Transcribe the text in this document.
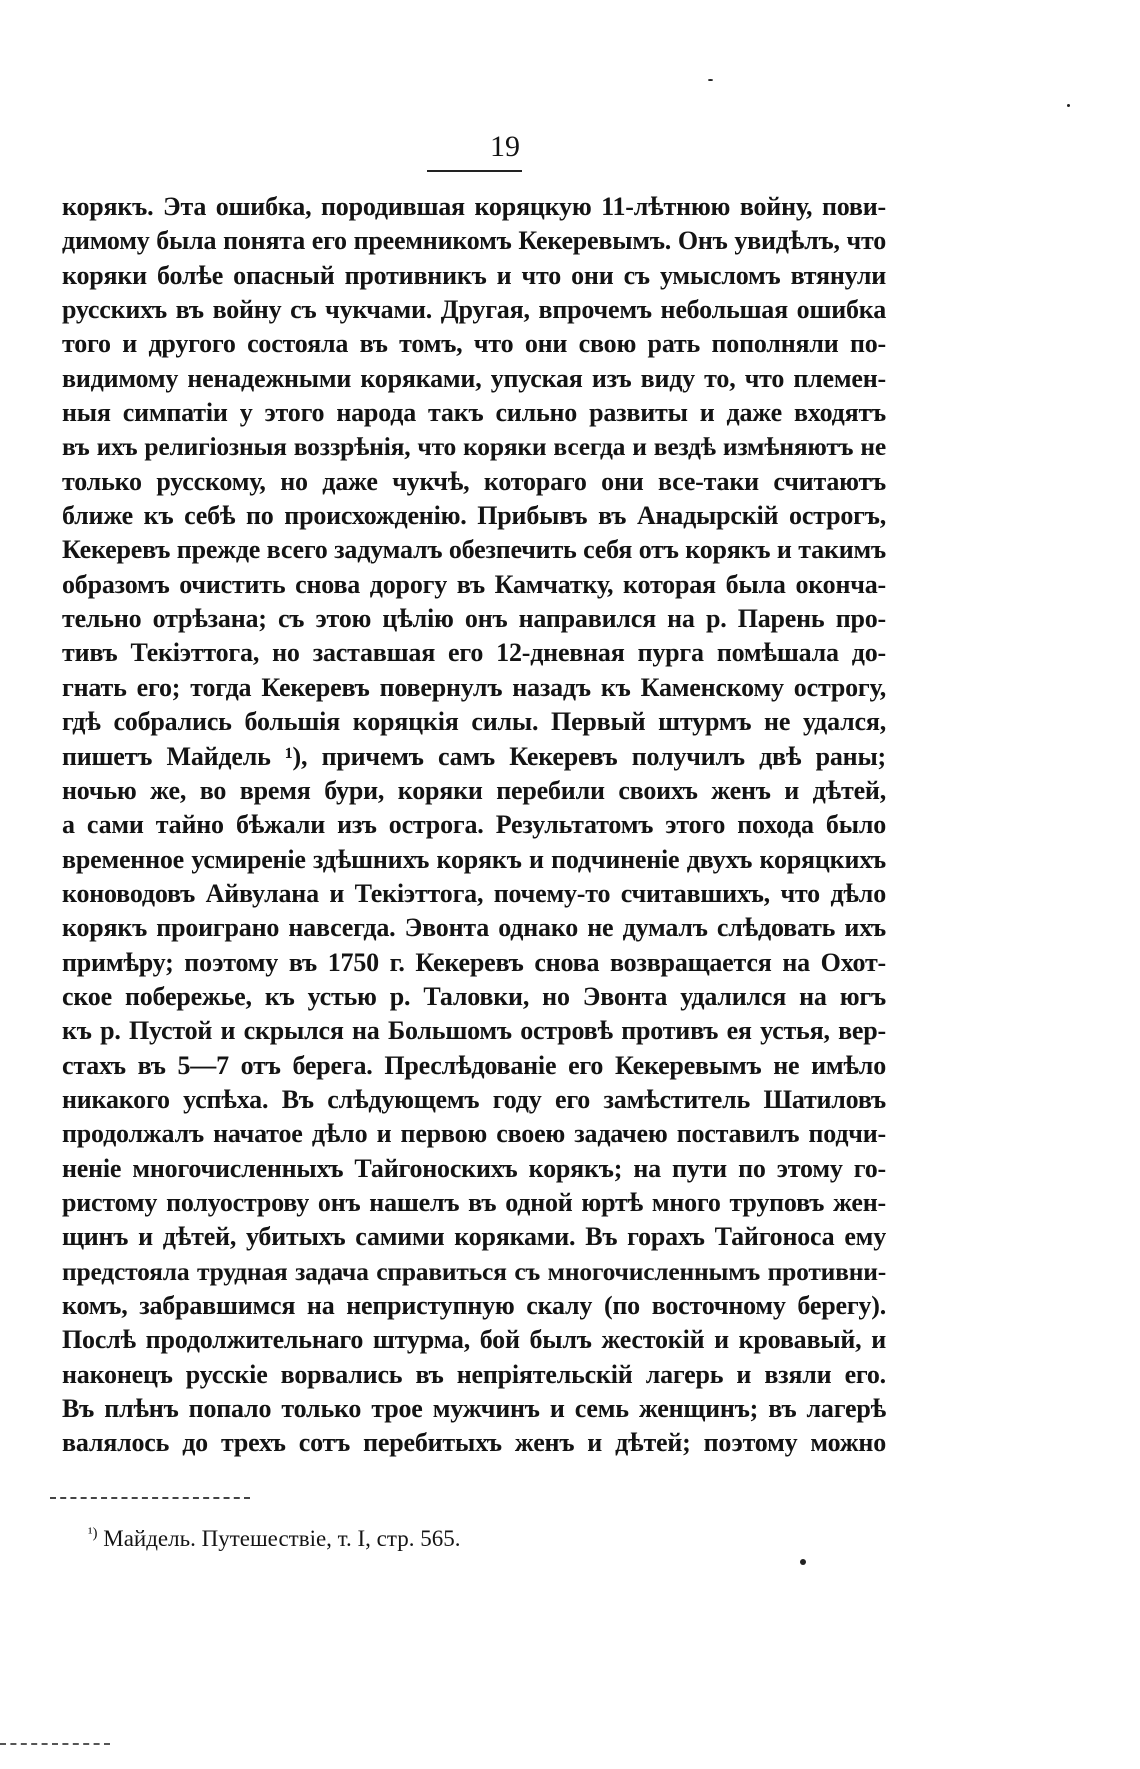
19
корякъ. Эта ошибка, породившая коряцкую 11-лѣтнюю войну, пови-
димому была понята его преемникомъ Кекеревымъ. Онъ увидѣлъ, что
коряки болѣе опасный противникъ и что они съ умысломъ втянули
русскихъ въ войну съ чукчами. Другая, впрочемъ небольшая ошибка
того и другого состояла въ томъ, что они свою рать пополняли по-
видимому ненадежными коряками, упуская изъ виду то, что племен-
ныя симпатіи у этого народа такъ сильно развиты и даже входятъ
въ ихъ религіозныя воззрѣнія, что коряки всегда и вездѣ измѣняютъ не
только русскому, но даже чукчѣ, котораго они все-таки считаютъ
ближе къ себѣ по происхожденію. Прибывъ въ Анадырскій острогъ,
Кекеревъ прежде всего задумалъ обезпечить себя отъ корякъ и такимъ
образомъ очистить снова дорогу въ Камчатку, которая была оконча-
тельно отрѣзана; съ этою цѣлію онъ направился на р. Парень про-
тивъ Текіэттога, но заставшая его 12-дневная пурга помѣшала до-
гнать его; тогда Кекеревъ повернулъ назадъ къ Каменскому острогу,
гдѣ собрались большія коряцкія силы. Первый штурмъ не удался,
пишетъ Майдель ¹), причемъ самъ Кекеревъ получилъ двѣ раны;
ночью же, во время бури, коряки перебили своихъ женъ и дѣтей,
а сами тайно бѣжали изъ острога. Результатомъ этого похода было
временное усмиреніе здѣшнихъ корякъ и подчиненіе двухъ коряцкихъ
коноводовъ Айвулана и Текіэттога, почему-то считавшихъ, что дѣло
корякъ проиграно навсегда. Эвонта однако не думалъ слѣдовать ихъ
примѣру; поэтому въ 1750 г. Кекеревъ снова возвращается на Охот-
ское побережье, къ устью р. Таловки, но Эвонта удалился на югъ
къ р. Пустой и скрылся на Большомъ островѣ противъ ея устья, вер-
стахъ въ 5—7 отъ берега. Преслѣдованіе его Кекеревымъ не имѣло
никакого успѣха. Въ слѣдующемъ году его замѣститель Шатиловъ
продолжалъ начатое дѣло и первою своею задачею поставилъ подчи-
неніе многочисленныхъ Тайгоноскихъ корякъ; на пути по этому го-
ристому полуострову онъ нашелъ въ одной юртѣ много труповъ жен-
щинъ и дѣтей, убитыхъ самими коряками. Въ горахъ Тайгоноса ему
предстояла трудная задача справиться съ многочисленнымъ противни-
комъ, забравшимся на неприступную скалу (по восточному берегу).
Послѣ продолжительнаго штурма, бой былъ жестокій и кровавый, и
наконецъ русскіе ворвались въ непріятельскій лагерь и взяли его.
Въ плѣнъ попало только трое мужчинъ и семь женщинъ; въ лагерѣ
валялось до трехъ сотъ перебитыхъ женъ и дѣтей; поэтому можно
$^{^1)}$ Майдель. Путешествіе, т. I, стр. 565.
